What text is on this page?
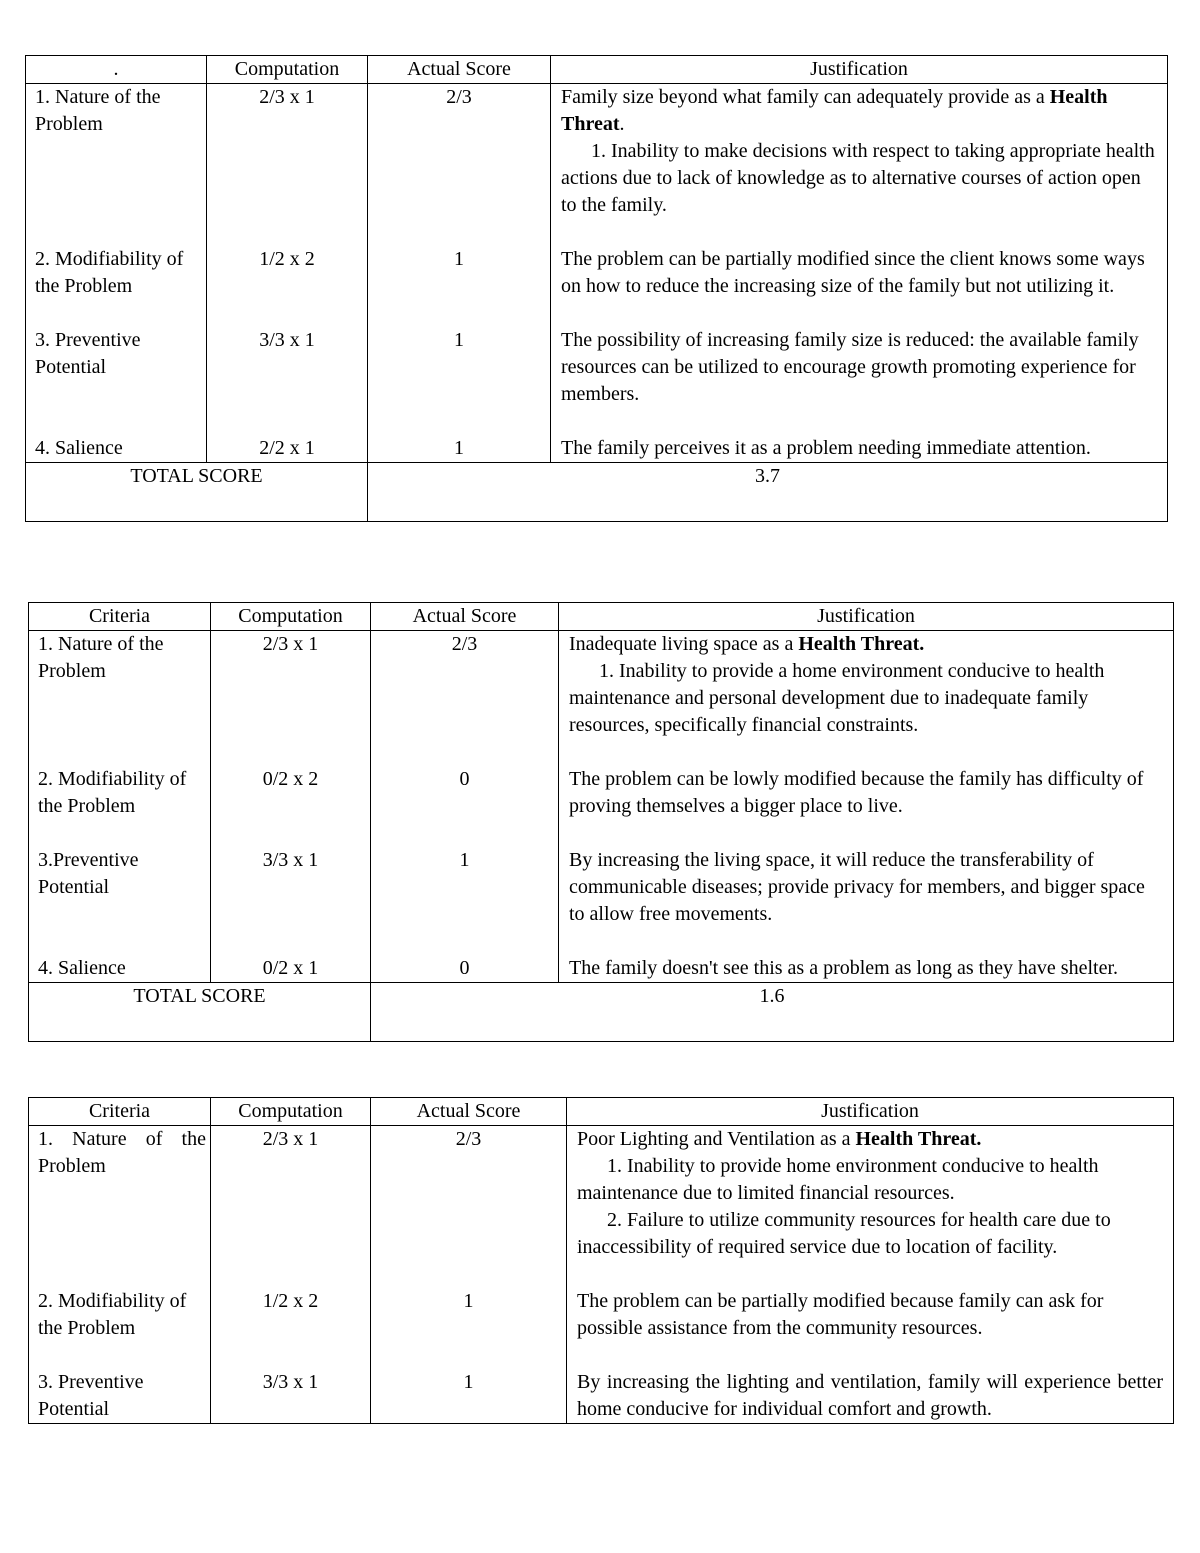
.	Computation	Actual Score	Justification

1. Nature of the Problem	2/3 x 1	2/3	Family size beyond what family can adequately provide as a Health Threat.
1. Inability to make decisions with respect to taking appropriate health actions due to lack of knowledge as to alternative courses of action open to the family.

2. Modifiability of the Problem	1/2 x 2	1	The problem can be partially modified since the client knows some ways on how to reduce the increasing size of the family but not utilizing it.

3. Preventive Potential	3/3 x 1	1	The possibility of increasing family size is reduced: the available family resources can be utilized to encourage growth promoting experience for members.

4. Salience	2/2 x 1	1	The family perceives it as a problem needing immediate attention.

TOTAL SCORE		3.7	
Criteria	Computation	Actual Score	Justification
1. Nature of the Problem	2/3 x 1	2/3	Inadequate living space as a Health Threat.
1. Inability to provide a home environment conducive to health maintenance and personal development due to inadequate family resources, specifically financial constraints.

2. Modifiability of the Problem	0/2 x 2	0	The problem can be lowly modified because the family has difficulty of proving themselves a bigger place to live.

3.Preventive Potential	3/3 x 1	1	By increasing the living space, it will reduce the transferability of communicable diseases; provide privacy for members, and bigger space to allow free movements.

4. Salience	0/2 x 1	0	The family doesn't see this as a problem as long as they have shelter.

TOTAL SCORE		1.6	
Criteria	Computation	Actual Score	Justification

1. Nature of the Problem	2/3 x 1	2/3	Poor Lighting and Ventilation as a Health Threat.
1. Inability to provide home environment conducive to health maintenance due to limited financial resources.
2. Failure to utilize community resources for health care due to inaccessibility of required service due to location of facility.

2. Modifiability of the Problem	1/2 x 2	1	The problem can be partially modified because family can ask for possible assistance from the community resources.

3. Preventive Potential	3/3 x 1	1	By increasing the lighting and ventilation, family will experience better home conducive for individual comfort and growth.
